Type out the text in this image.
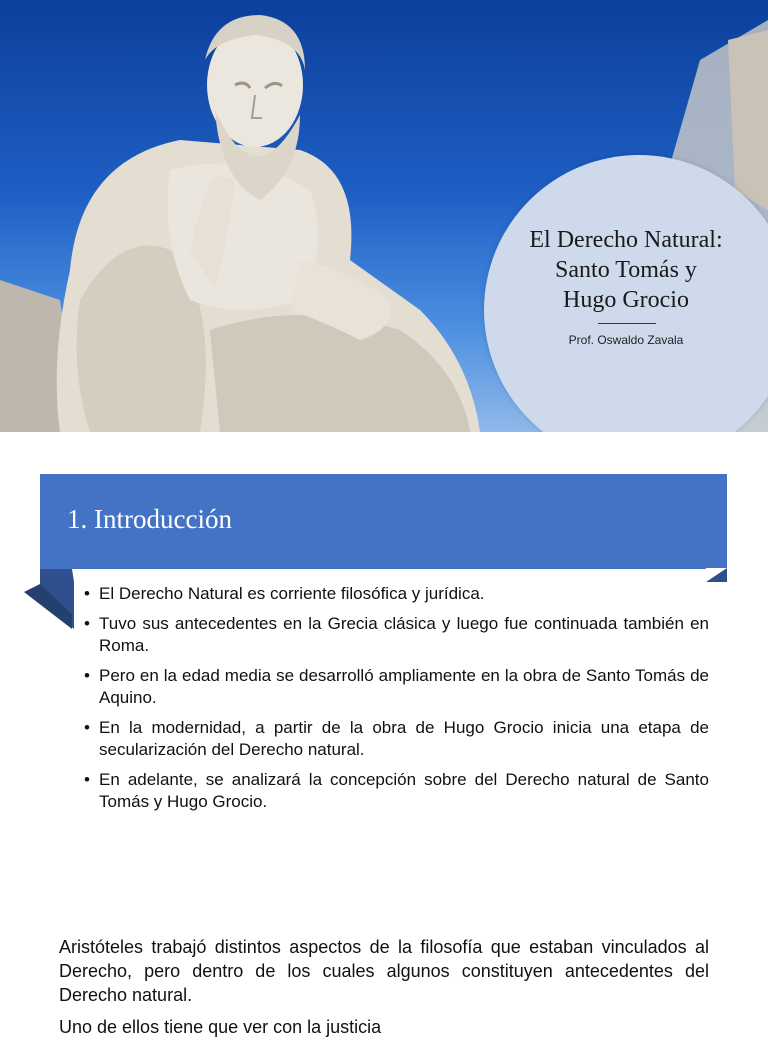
El Derecho Natural:
Santo Tomás y
Hugo Grocio
Prof. Oswaldo Zavala
1. Introducción
• El Derecho Natural es corriente filosófica y jurídica.
• Tuvo sus antecedentes en la Grecia clásica y luego fue continuada también en Roma.
• Pero en la edad media se desarrolló ampliamente en la obra de Santo Tomás de Aquino.
• En la modernidad, a partir de la obra de Hugo Grocio inicia una etapa de secularización del Derecho natural.
• En adelante, se analizará la concepción sobre del Derecho natural de Santo Tomás y Hugo Grocio.

Aristóteles trabajó distintos aspectos de la filosofía que estaban vinculados al Derecho, pero dentro de los cuales algunos constituyen antecedentes del Derecho natural.

Uno de ellos tiene que ver con la justicia
